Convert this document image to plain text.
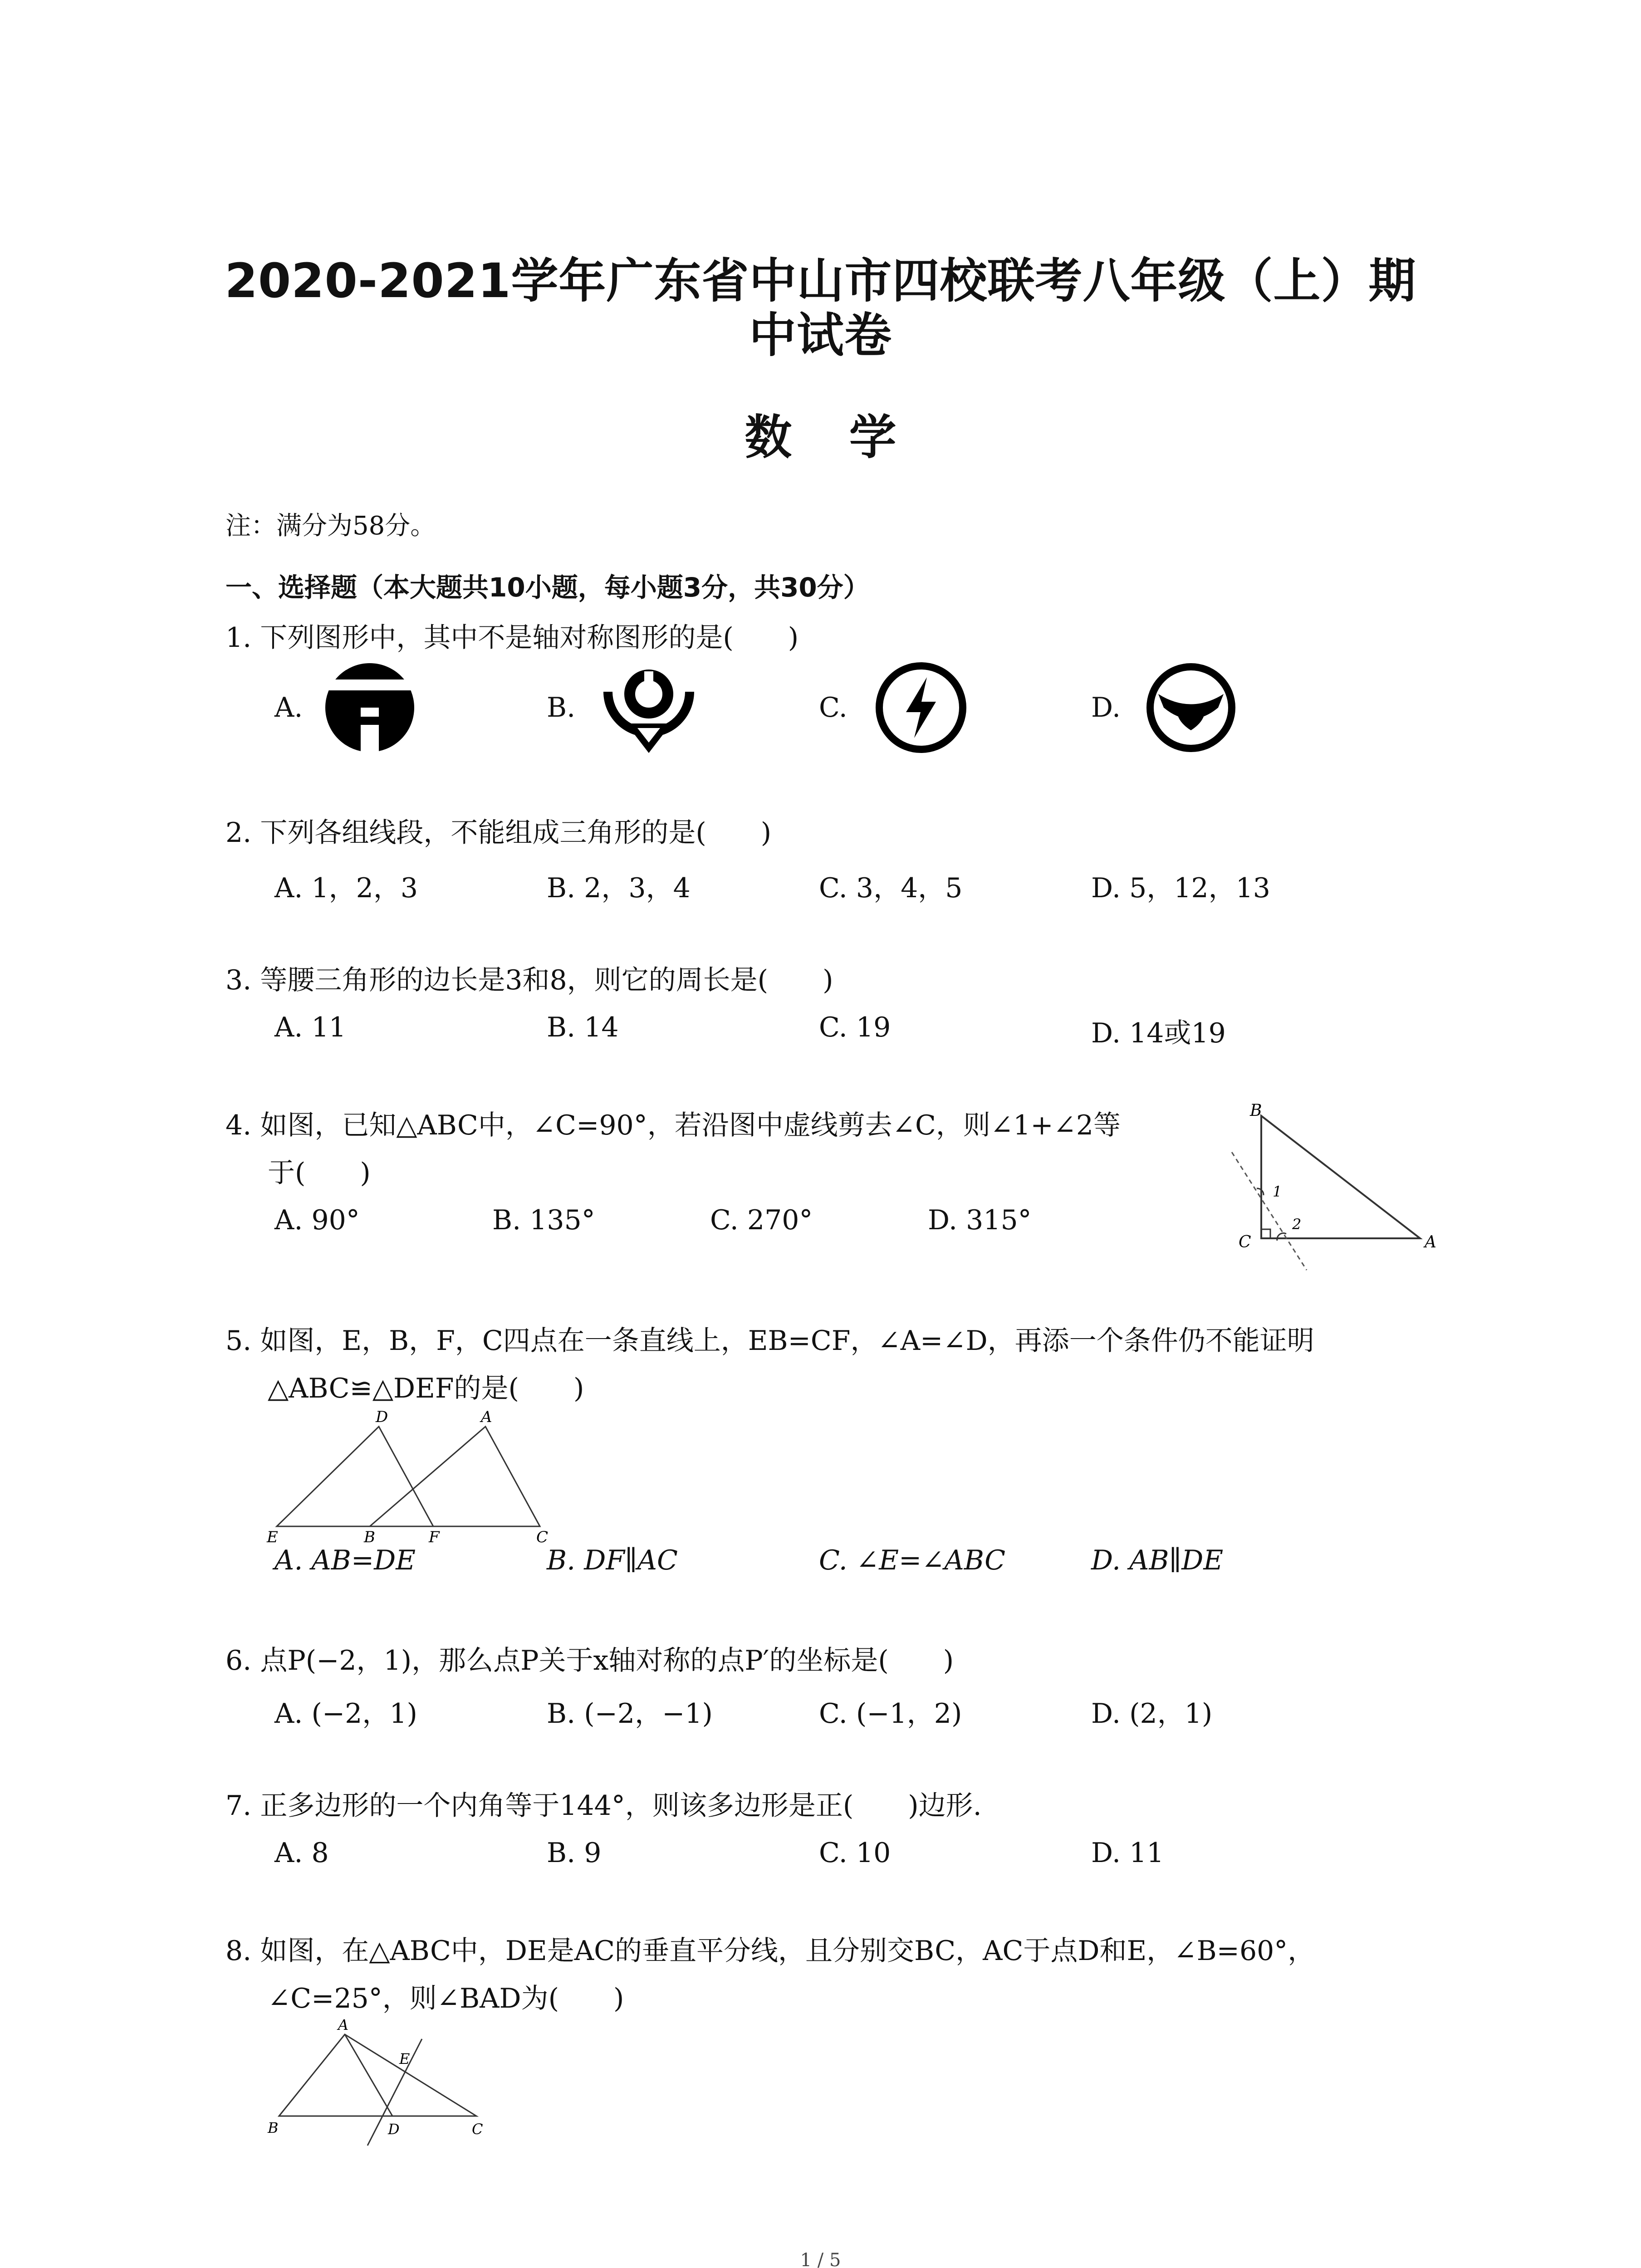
2020-2021学年广东省中山市四校联考八年级（上）期
中试卷
数 学
注：满分为58分。
一、选择题（本大题共10小题，每小题3分，共30分）
1. 下列图形中，其中不是轴对称图形的是(　　)
A.	B.	C.	D.
2. 下列各组线段，不能组成三角形的是(　　)
A. 1，2，3	B. 2，3，4	C. 3，4，5	D. 5，12，13
3. 等腰三角形的边长是3和8，则它的周长是(　　)
A. 11	B. 14	C. 19	D. 14或19
4. 如图，已知△ABC中，∠C=90°，若沿图中虚线剪去∠C，则∠1+∠2等
于(　　)
A. 90°	B. 135°	C. 270°	D. 315°
B
1
2
C	A
5. 如图，E，B，F，C四点在一条直线上，EB=CF，∠A=∠D，再添一个条件仍不能证明
△ABC≌△DEF的是(　　)
D	A
E	B	F	C
A. AB=DE	B. DF∥AC	C. ∠E=∠ABC	D. AB∥DE
6. 点P(−2，1)，那么点P关于x轴对称的点P′的坐标是(　　)
A. (−2，1)	B. (−2，−1)	C. (−1，2)	D. (2，1)
7. 正多边形的一个内角等于144°，则该多边形是正(　　)边形.
A. 8	B. 9	C. 10	D. 11
8. 如图，在△ABC中，DE是AC的垂直平分线，且分别交BC，AC于点D和E，∠B=60°，
∠C=25°，则∠BAD为(　　)
A
E
B	D	C
1 / 5
